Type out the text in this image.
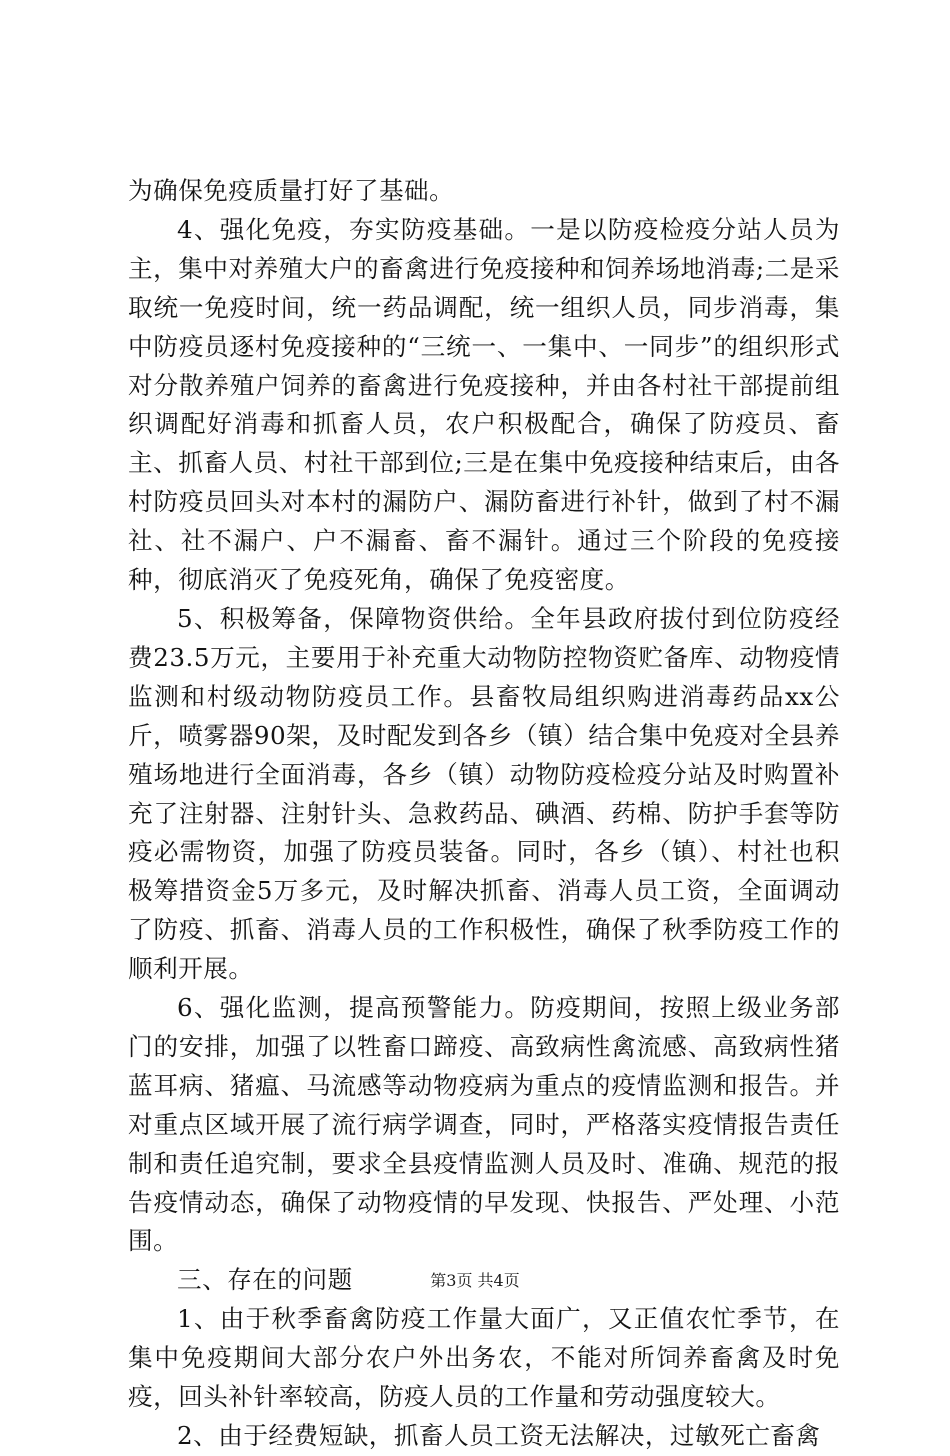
为确保免疫质量打好了基础。

4、强化免疫，夯实防疫基础。一是以防疫检疫分站人员为主，集中对养殖大户的畜禽进行免疫接种和饲养场地消毒;二是采取统一免疫时间，统一药品调配，统一组织人员，同步消毒，集中防疫员逐村免疫接种的“三统一、一集中、一同步”的组织形式对分散养殖户饲养的畜禽进行免疫接种，并由各村社干部提前组织调配好消毒和抓畜人员，农户积极配合，确保了防疫员、畜主、抓畜人员、村社干部到位;三是在集中免疫接种结束后，由各村防疫员回头对本村的漏防户、漏防畜进行补针，做到了村不漏社、社不漏户、户不漏畜、畜不漏针。通过三个阶段的免疫接种，彻底消灭了免疫死角，确保了免疫密度。

5、积极筹备，保障物资供给。全年县政府拔付到位防疫经费23.5万元，主要用于补充重大动物防控物资贮备库、动物疫情监测和村级动物防疫员工作。县畜牧局组织购进消毒药品xx公斤，喷雾器90架，及时配发到各乡（镇）结合集中免疫对全县养殖场地进行全面消毒，各乡（镇）动物防疫检疫分站及时购置补充了注射器、注射针头、急救药品、碘酒、药棉、防护手套等防疫必需物资，加强了防疫员装备。同时，各乡（镇）、村社也积极筹措资金5万多元，及时解决抓畜、消毒人员工资，全面调动了防疫、抓畜、消毒人员的工作积极性，确保了秋季防疫工作的顺利开展。

6、强化监测，提高预警能力。防疫期间，按照上级业务部门的安排，加强了以牲畜口蹄疫、高致病性禽流感、高致病性猪蓝耳病、猪瘟、马流感等动物疫病为重点的疫情监测和报告。并对重点区域开展了流行病学调查，同时，严格落实疫情报告责任制和责任追究制，要求全县疫情监测人员及时、准确、规范的报告疫情动态，确保了动物疫情的早发现、快报告、严处理、小范围。

三、存在的问题

1、由于秋季畜禽防疫工作量大面广，又正值农忙季节，在集中免疫期间大部分农户外出务农，不能对所饲养畜禽及时免疫，回头补针率较高，防疫人员的工作量和劳动强度较大。

2、由于经费短缺，抓畜人员工资无法解决，过敏死亡畜禽

第3页 共4页
